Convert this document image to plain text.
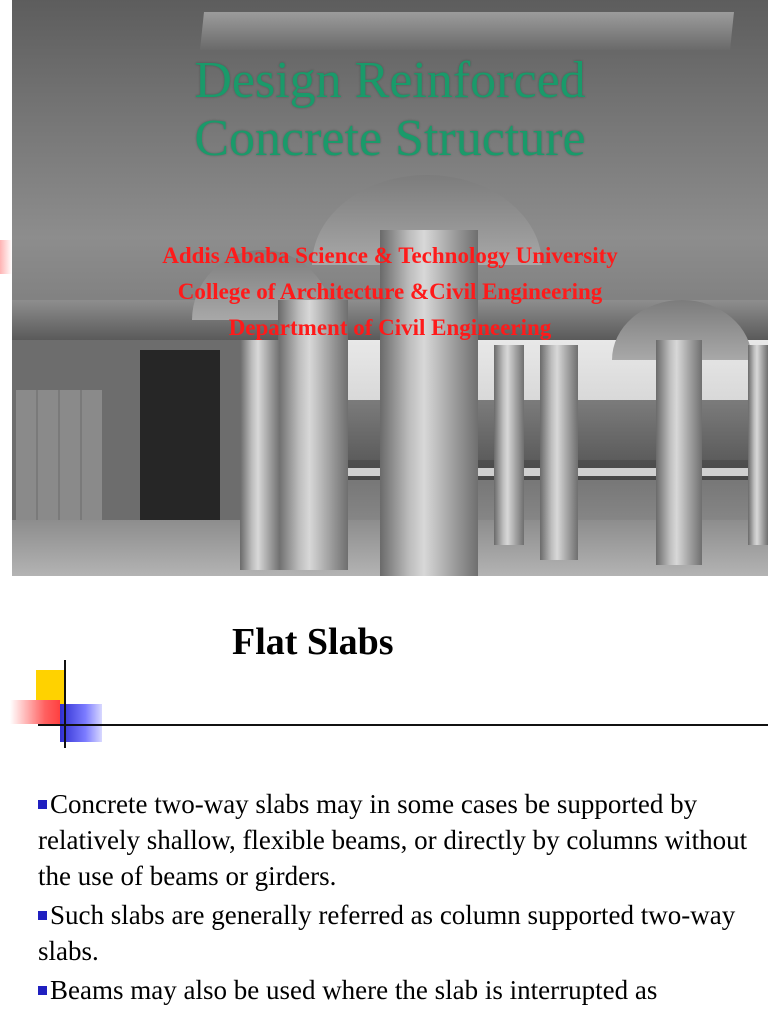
Design Reinforced
Concrete Structure
Addis Ababa Science & Technology University
College of Architecture &Civil Engineering
Department of Civil Engineering
Flat Slabs
Concrete two-way slabs may in some cases be supported by relatively shallow, flexible beams, or directly by columns without the use of beams or girders.
Such slabs are generally referred as column supported two-way slabs.
Beams may also be used where the slab is interrupted as
